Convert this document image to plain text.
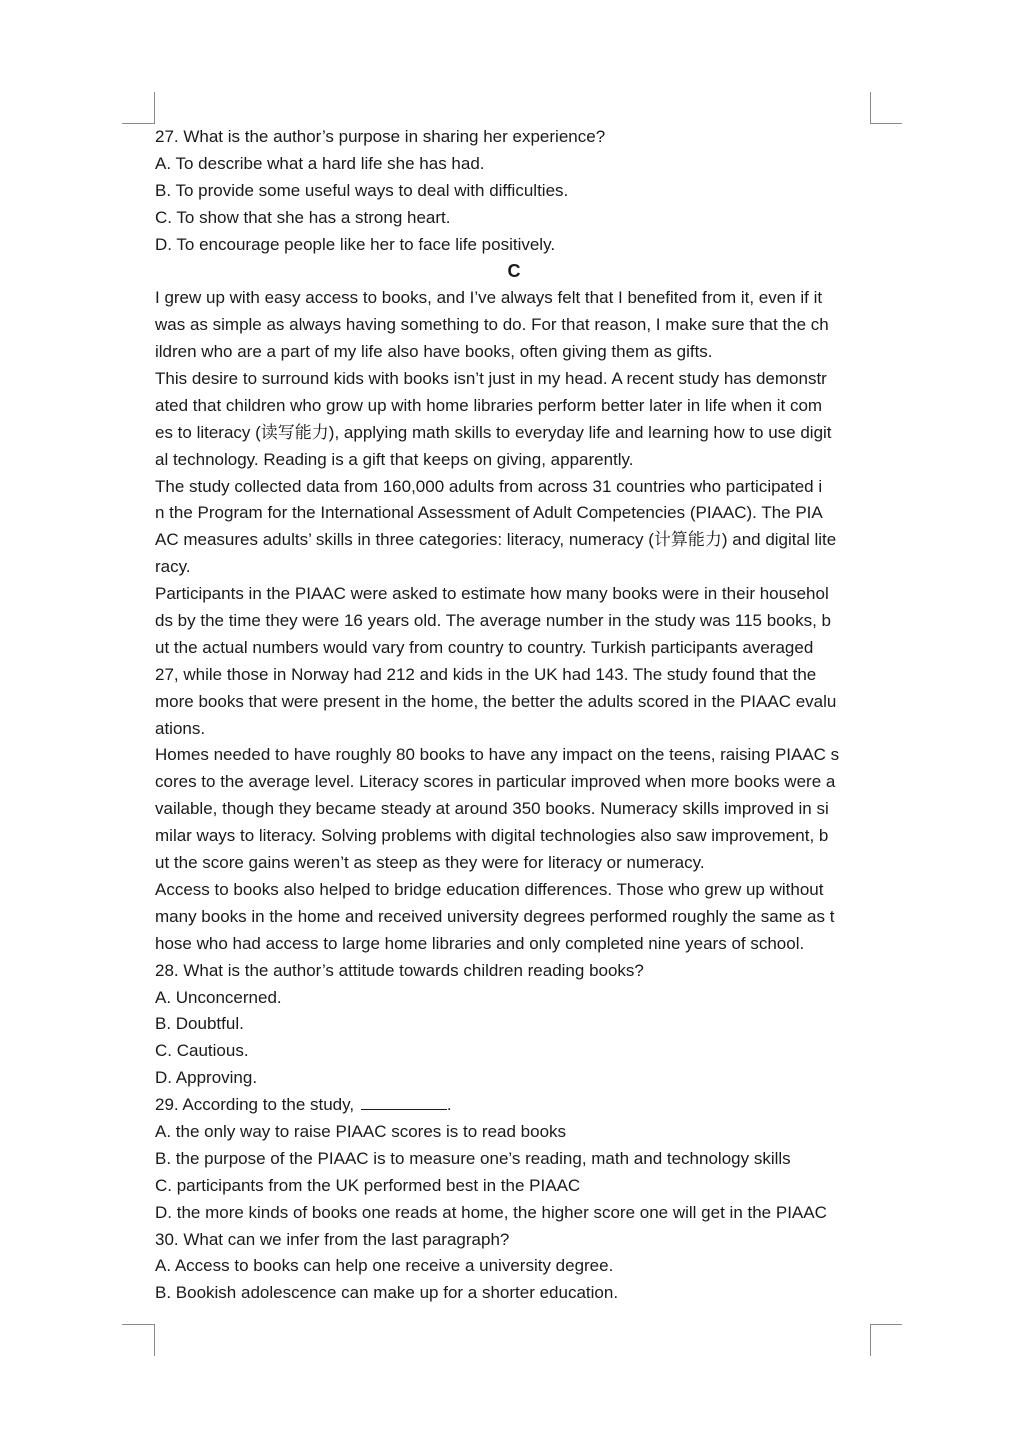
27. What is the author’s purpose in sharing her experience?
A. To describe what a hard life she has had.
B. To provide some useful ways to deal with difficulties.
C. To show that she has a strong heart.
D. To encourage people like her to face life positively.
C
I grew up with easy access to books, and I’ve always felt that I benefited from it, even if it
was as simple as always having something to do. For that reason, I make sure that the ch
ildren who are a part of my life also have books, often giving them as gifts.
This desire to surround kids with books isn’t just in my head. A recent study has demonstr
ated that children who grow up with home libraries perform better later in life when it com
es to literacy (读写能力), applying math skills to everyday life and learning how to use digit
al technology. Reading is a gift that keeps on giving, apparently.
The study collected data from 160,000 adults from across 31 countries who participated i
n the Program for the International Assessment of Adult Competencies (PIAAC). The PIA
AC measures adults’ skills in three categories: literacy, numeracy (计算能力) and digital lite
racy.
Participants in the PIAAC were asked to estimate how many books were in their househol
ds by the time they were 16 years old. The average number in the study was 115 books, b
ut the actual numbers would vary from country to country. Turkish participants averaged
27, while those in Norway had 212 and kids in the UK had 143. The study found that the
more books that were present in the home, the better the adults scored in the PIAAC evalu
ations.
Homes needed to have roughly 80 books to have any impact on the teens, raising PIAAC s
cores to the average level. Literacy scores in particular improved when more books were a
vailable, though they became steady at around 350 books. Numeracy skills improved in si
milar ways to literacy. Solving problems with digital technologies also saw improvement, b
ut the score gains weren’t as steep as they were for literacy or numeracy.
Access to books also helped to bridge education differences. Those who grew up without
many books in the home and received university degrees performed roughly the same as t
hose who had access to large home libraries and only completed nine years of school.
28. What is the author’s attitude towards children reading books?
A. Unconcerned.
B. Doubtful.
C. Cautious.
D. Approving.
29. According to the study,	.
A. the only way to raise PIAAC scores is to read books
B. the purpose of the PIAAC is to measure one’s reading, math and technology skills
C. participants from the UK performed best in the PIAAC
D. the more kinds of books one reads at home, the higher score one will get in the PIAAC
30. What can we infer from the last paragraph?
A. Access to books can help one receive a university degree.
B. Bookish adolescence can make up for a shorter education.
